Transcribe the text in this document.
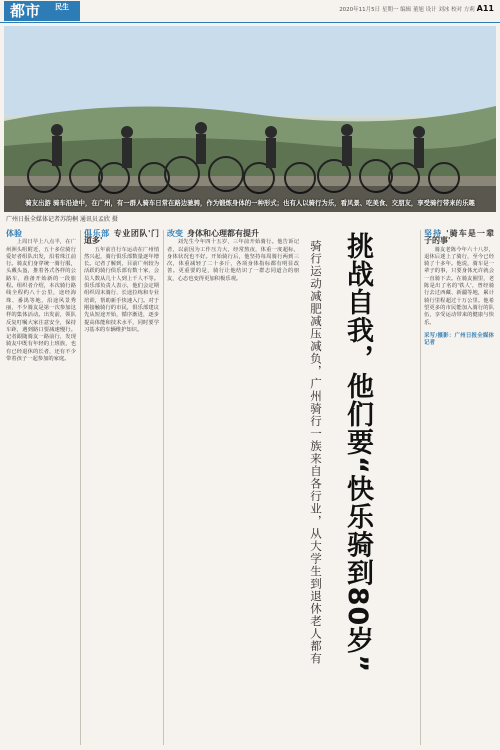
都市	民生	2020年11月5日 星期一 编辑 董旭 设计 刘冰 校对 方莉 A11
骑友出游 骑车沿途中，在广州，有一群人骑车日常在路边驰骋，作为锻炼身体的一种形式；也有人以骑行为乐，看风景、吃美食、交朋友，享受骑行带来的乐趣
广州日报全媒体记者苏韵桐 通讯员孟欣 摄
体验

上周日早上八点半，在广州洲头咀附近，五十多位骑行爱好者组队出发，沿着珠江前行。骑友们身穿统一骑行服，头戴头盔，推着各式各样的公路车，准备开始新的一段旅程。组织者介绍，本次骑行路线全程约八十公里，途经海珠、番禺等地，沿途风景秀丽，不少骑友是第一次参加这样的集体活动。出发前，领队反复叮嘱大家注意安全，保持车距，遇到路口要减速慢行。记者跟随骑友一路前行，发现骑友中既有年轻的上班族，也有已经退休的长者，还有不少带着孩子一起参加的家庭。

俱乐部 专业团队'门道多'

五年前自行车运动在广州悄然兴起，骑行俱乐部数量逐年增长。记者了解到，目前广州较为活跃的骑行俱乐部有数十家，会员人数从几十人到上千人不等。俱乐部负责人表示，他们会定期组织周末骑行、长途拉练和专业培训，帮助新手快速入门。对于刚接触骑行的市民，俱乐部建议先从短途开始，循序渐进，逐步提高体能和技术水平，同时要学习基本的车辆维护知识。

改变 身体和心理都有提升

刘先生今年四十五岁，三年前开始骑行。他告诉记者，以前因为工作压力大，经常熬夜，体重一度超标，身体状况也不好。开始骑行后，他坚持每周骑行两到三次，体重减轻了二十多斤，各项身体指标都有明显改善。更重要的是，骑行让他结识了一群志同道合的朋友，心态也变得更加积极乐观。	挑战自我，他们要“快乐骑到80岁”
骑行运动减肥减压减负，广州骑行一族来自各行业，从大学生到退休老人都有
坚持 '骑车是一辈子的事'

骑友老陈今年六十八岁，退休后迷上了骑行，至今已经骑了十多年。他说，骑车是一辈子的事，只要身体允许就会一直骑下去。在骑友圈里，老陈是出了名的'铁人'，曾经骑行去过西藏、新疆等地，累计骑行里程超过十万公里。他希望更多的市民能加入骑行的队伍，享受运动带来的健康与快乐。

采写/摄影：广州日报全媒体记者
